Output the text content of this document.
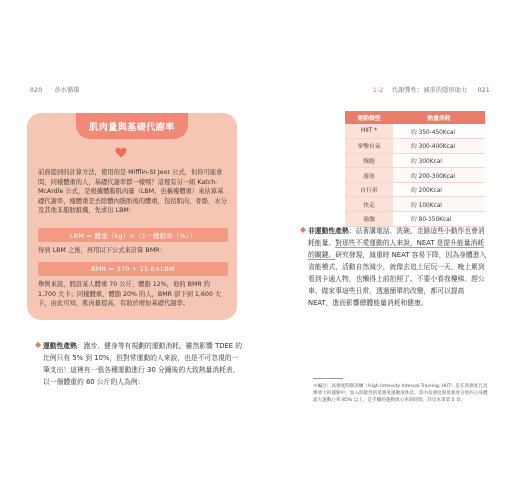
020 菸水循環
肌肉量與基礎代謝率
前面提到的計算方法，使用的是 Mifflin-St Jeor 公式，但你可能會問，同樣體重的人，基礎代謝率都一樣嗎？這裡有另一組 Katch-McArdle 公式，是根據體脂肌肉量（LBM，也稱瘦體重）來估算基礎代謝率，瘦體重是去除體內脂肪後的體重，包括肌肉、骨骼、水分及其他非脂肪組織，先求出 LBM：
LBM = 體重（kg）×（1－體脂率（%））
得到 LBM 之後，再用以下公式來計算 BMR：
BMR = 370 + 21.6×LBM
舉例來說，假設某人體重 70 公斤、體脂 12%，他的 BMR 約 1,700 大卡；同樣體重，體脂 20% 的人，BMR 卻下到 1,600 大卡，由此可知，肌肉量提高，有助於增加基礎代謝率。
◆ 運動性產熱：跑步、健身等有規劃的運動消耗。雖然影響 TDEE 的比例只有 5% 到 10%，但對常運動的人來說，也是不可忽視的一筆支出！這裡有一張各種運動進行 30 分鐘後的大致熱量消耗表，以一個體重約 60 公斤的人為例：
1-2 代謝彈性：減重的隱形助力 021
運動類型	熱量消耗
HIIT *	約 350-450Kcal
拳擊有氧	約 300-400Kcal
慢跑	約 300Kcal
游泳	約 200-300Kcal
自行車	約 200Kcal
快走	約 100Kcal
瑜伽	約 80-150Kcal
◆ 非運動性產熱：站著講電話、洗碗、走路這些小動作也會消耗能量。對那些不愛運動的人來說，NEAT 是提升能量消耗的關鍵。研究發現，減重時 NEAT 容易下降，因為身體進入省能模式，活動自然減少，就像去追上尼玩一天，晚上累到看到卡通人物，也懶得上前拍照了。不要小看我樓梯、趕公車、做家事這些日常，透過簡單的改變，都可以提高 NEAT，進而影響總體能量消耗和健康。
＊編注：高強度間歇訓練（High Intensity Interval Training, HIIT）是在高強度且具爆發力的運動中，加入間歇性的低強度運動或休息，其中高強度與低強度分別約占身體最大運動心率 85% 以上，是手腳的運動與心率的時間，詳見本書第 5 章。
